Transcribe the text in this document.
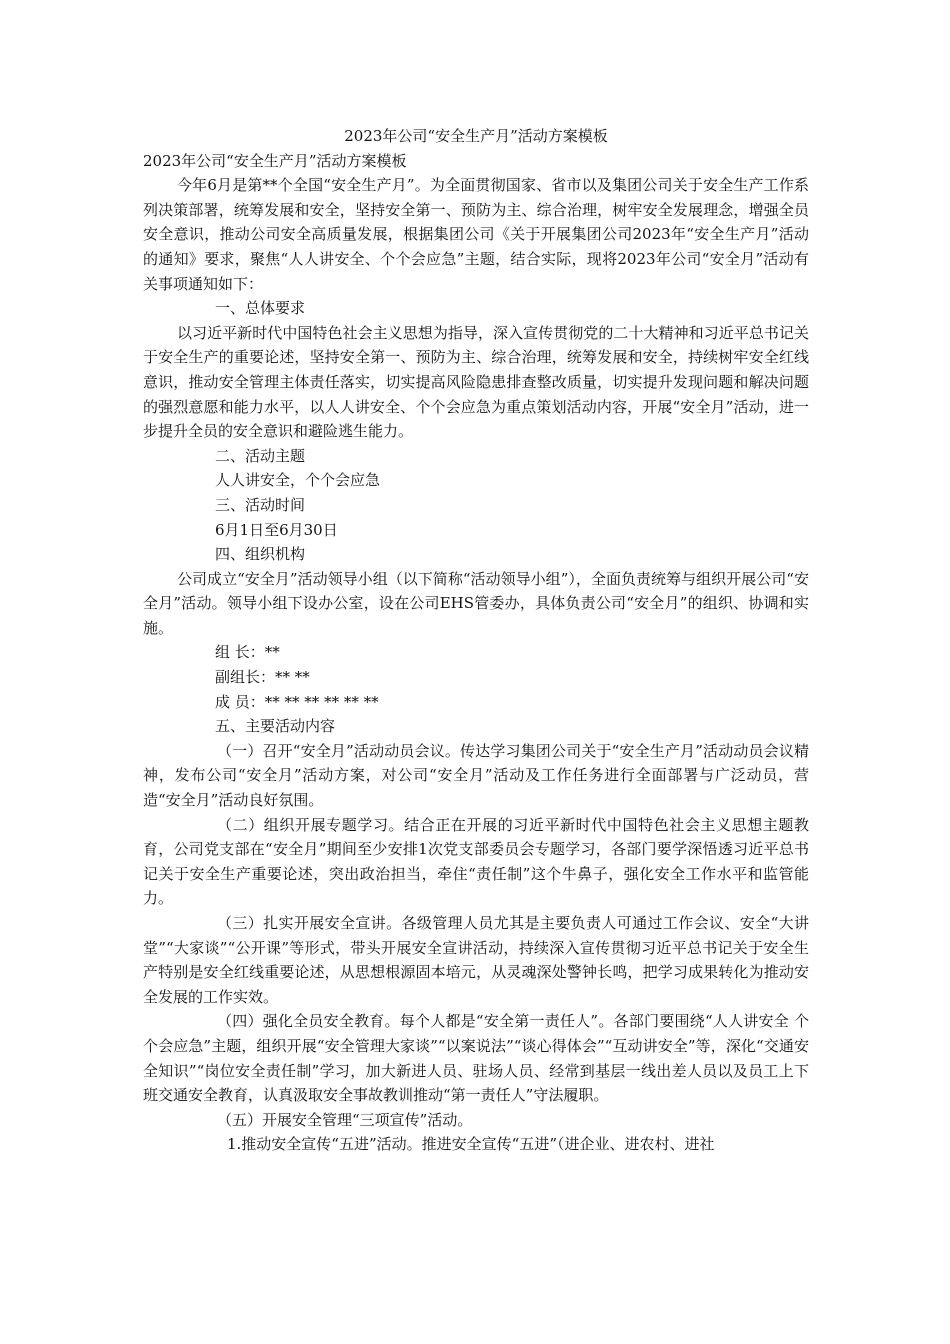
2023年公司“安全生产月”活动方案模板

2023年公司“安全生产月”活动方案模板

今年6月是第**个全国“安全生产月”。为全面贯彻国家、省市以及集团公司关于安全生产工作系列决策部署，统筹发展和安全，坚持安全第一、预防为主、综合治理，树牢安全发展理念，增强全员安全意识，推动公司安全高质量发展，根据集团公司《关于开展集团公司2023年“安全生产月”活动的通知》要求，聚焦“人人讲安全、个个会应急”主题，结合实际，现将2023年公司“安全月”活动有关事项通知如下：

一、总体要求

以习近平新时代中国特色社会主义思想为指导，深入宣传贯彻党的二十大精神和习近平总书记关于安全生产的重要论述，坚持安全第一、预防为主、综合治理，统筹发展和安全，持续树牢安全红线意识，推动安全管理主体责任落实，切实提高风险隐患排查整改质量，切实提升发现问题和解决问题的强烈意愿和能力水平，以人人讲安全、个个会应急为重点策划活动内容，开展“安全月”活动，进一步提升全员的安全意识和避险逃生能力。

二、活动主题

人人讲安全，个个会应急

三、活动时间

6月1日至6月30日

四、组织机构

公司成立“安全月”活动领导小组（以下简称“活动领导小组”），全面负责统筹与组织开展公司“安全月”活动。领导小组下设办公室，设在公司EHS管委办，具体负责公司“安全月”的组织、协调和实施。

组 长：**

副组长：** **

成 员：** ** ** ** ** **

五、主要活动内容

（一）召开“安全月”活动动员会议。传达学习集团公司关于“安全生产月”活动动员会议精神，发布公司“安全月”活动方案，对公司“安全月”活动及工作任务进行全面部署与广泛动员，营造“安全月”活动良好氛围。

（二）组织开展专题学习。结合正在开展的习近平新时代中国特色社会主义思想主题教育，公司党支部在“安全月”期间至少安排1次党支部委员会专题学习，各部门要学深悟透习近平总书记关于安全生产重要论述，突出政治担当，牵住“责任制”这个牛鼻子，强化安全工作水平和监管能力。

（三）扎实开展安全宣讲。各级管理人员尤其是主要负责人可通过工作会议、安全“大讲堂”“大家谈”“公开课”等形式，带头开展安全宣讲活动，持续深入宣传贯彻习近平总书记关于安全生产特别是安全红线重要论述，从思想根源固本培元，从灵魂深处警钟长鸣，把学习成果转化为推动安全发展的工作实效。

（四）强化全员安全教育。每个人都是“安全第一责任人”。各部门要围绕“人人讲安全 个个会应急”主题，组织开展“安全管理大家谈”“以案说法”“谈心得体会”“互动讲安全”等，深化“交通安全知识”“岗位安全责任制”学习，加大新进人员、驻场人员、经常到基层一线出差人员以及员工上下班交通安全教育，认真汲取安全事故教训推动“第一责任人”守法履职。

（五）开展安全管理“三项宣传”活动。

1.推动安全宣传“五进”活动。推进安全宣传“五进”（进企业、进农村、进社
